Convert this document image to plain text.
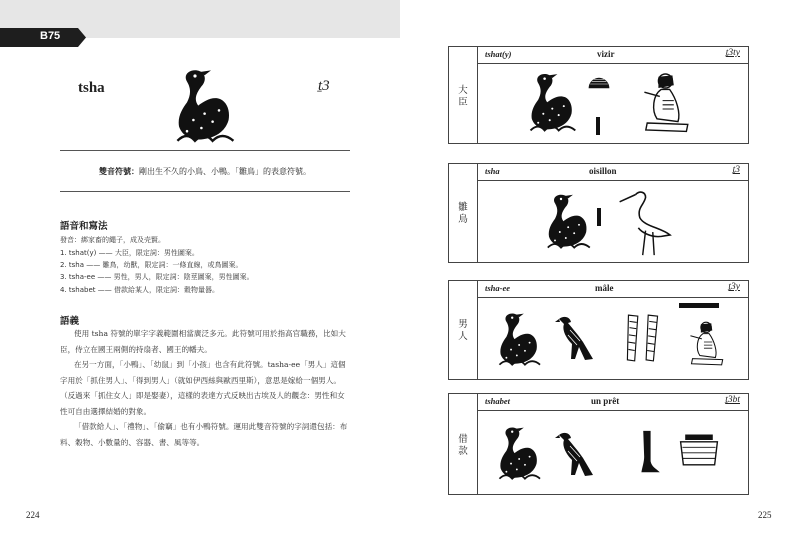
B75
tsha	ṯ3
雙音符號：剛出生不久的小鳥、小鴨。「雛鳥」的表意符號。
語音和寫法
發音：綁家畜的繩子，成及壳賢。
1. tshat(y) —— 大臣，限定詞：男性圖案。
2. tsha —— 雛鳥，幼獸，限定詞：一條直線，或鳥圖案。
3. tsha-ee —— 男性，男人，限定詞：陰莖圖案，男性圖案。
4. tshabet —— 借款給某人，限定詞：穀物量器。
語義

使用 tsha 符號的單字字義範圍相當廣泛多元。此符號可用於指高官職務，比如大臣，侍立在國王兩側的持扇者、國王的幡夫。

在另一方面，「小鴨」、「幼鼠」到「小孩」也含有此符號。tasha-ee「男人」這個字用於「抓住男人」、「得到男人」（就如伊西絲與歐西里斯），意思是嫁給一個男人。（反過來「抓住女人」即是娶妻），這樣的表達方式反映出古埃及人的觀念：男性和女性可自由選擇結婚的對象。

「借款給人」、「禮物」、「偷竊」也有小鴨符號。運用此雙音符號的字詞還包括：布料、穀物、小數量的、容器、書、風等等。

224
大
臣
tshat(y)	vizir	ṯ3ty
雛
鳥
tsha	oisillon	ṯ3
男
人
tsha-ee	mâle	ṯ3y
借
款
tshabet	un prêt	ṯ3bt
225
